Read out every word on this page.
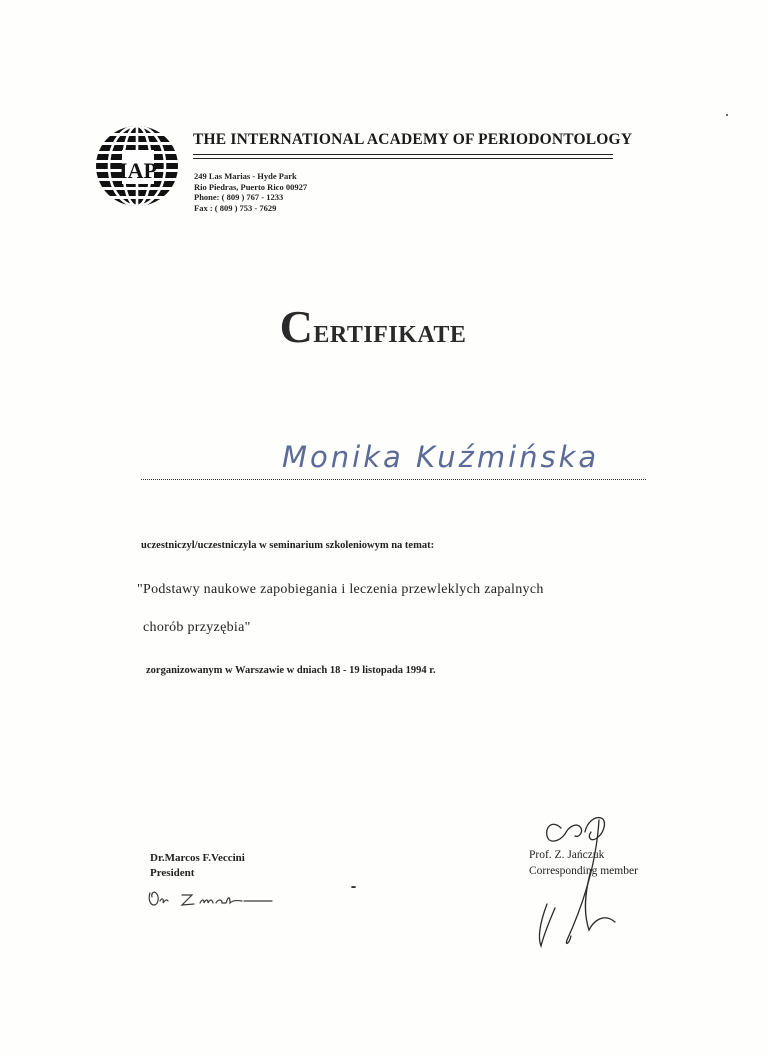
IAP
THE INTERNATIONAL ACADEMY OF PERIODONTOLOGY
249 Las Marias - Hyde Park
Rio Piedras, Puerto Rico 00927
Phone: ( 809 ) 767 - 1233
Fax : ( 809 ) 753 - 7629
Certifikate
Monika Kuźmińska
uczestniczyl/uczestniczyla w seminarium szkoleniowym na temat:
"Podstawy naukowe zapobiegania i leczenia przewleklych zapalnych
chorób przyzębia"
zorganizowanym w Warszawie w dniach 18 - 19 listopada 1994 r.
Dr.Marcos F.Veccini
President
Prof. Z. Jańczuk
Corresponding member
